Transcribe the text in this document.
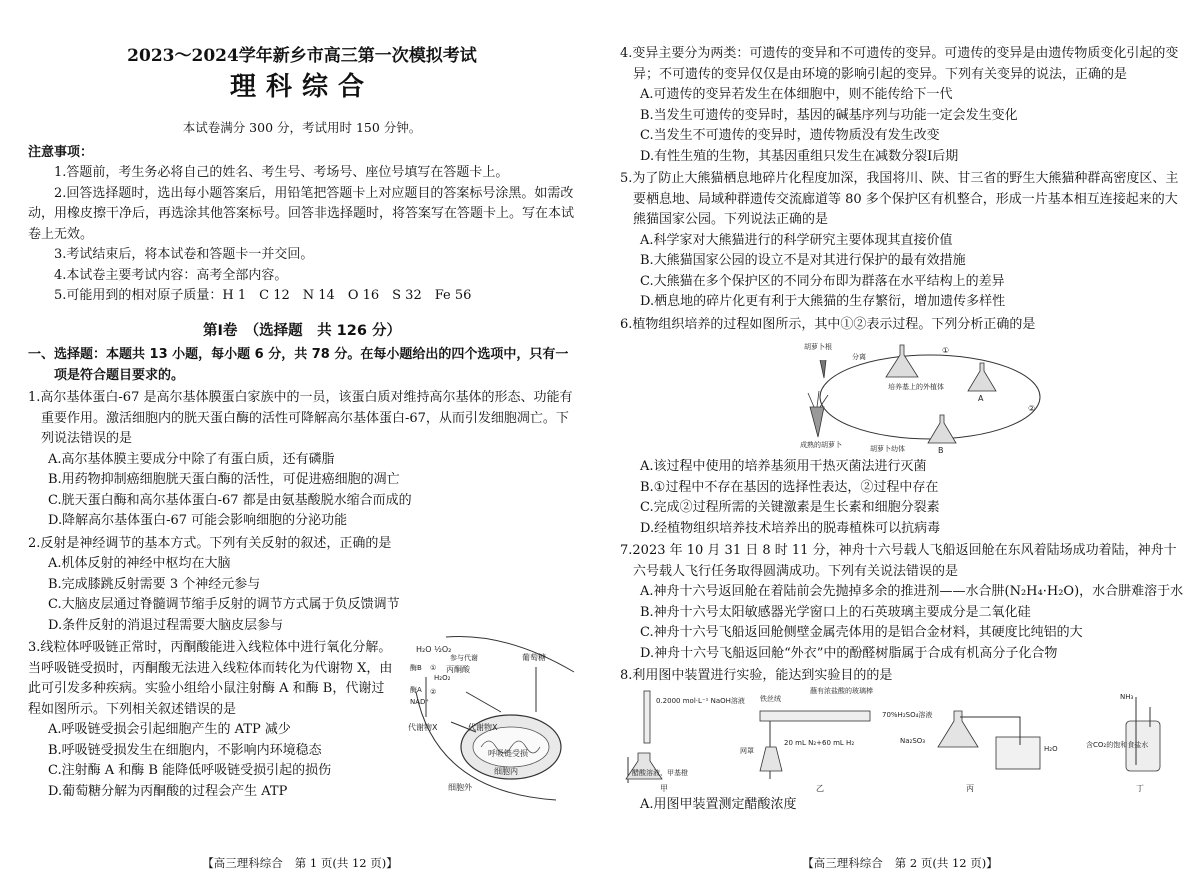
2023～2024学年新乡市高三第一次模拟考试
理科综合
本试卷满分 300 分，考试用时 150 分钟。
注意事项：

1.答题前，考生务必将自己的姓名、考生号、考场号、座位号填写在答题卡上。

2.回答选择题时，选出每小题答案后，用铅笔把答题卡上对应题目的答案标号涂黑。如需改动，用橡皮擦干净后，再选涂其他答案标号。回答非选择题时，将答案写在答题卡上。写在本试卷上无效。

3.考试结束后，将本试卷和答题卡一并交回。

4.本试卷主要考试内容：高考全部内容。

5.可能用到的相对原子质量：H 1　C 12　N 14　O 16　S 32　Fe 56

第Ⅰ卷　（选择题　共 126 分）

一、选择题：本题共 13 小题，每小题 6 分，共 78 分。在每小题给出的四个选项中，只有一项是符合题目要求的。

1.高尔基体蛋白-67 是高尔基体膜蛋白家族中的一员，该蛋白质对维持高尔基体的形态、功能有重要作用。激活细胞内的胱天蛋白酶的活性可降解高尔基体蛋白-67，从而引发细胞凋亡。下列说法错误的是

A.高尔基体膜主要成分中除了有蛋白质，还有磷脂

B.用药物抑制癌细胞胱天蛋白酶的活性，可促进癌细胞的凋亡

C.胱天蛋白酶和高尔基体蛋白-67 都是由氨基酸脱水缩合而成的

D.降解高尔基体蛋白-67 可能会影响细胞的分泌功能

2.反射是神经调节的基本方式。下列有关反射的叙述，正确的是

A.机体反射的神经中枢均在大脑

B.完成膝跳反射需要 3 个神经元参与

C.大脑皮层通过脊髓调节缩手反射的调节方式属于负反馈调节

D.条件反射的消退过程需要大脑皮层参与

3.线粒体呼吸链正常时，丙酮酸能进入线粒体中进行氧化分解。
当呼吸链受损时，丙酮酸无法进入线粒体而转化为代谢物 X，由
此可引发多种疾病。实验小组给小鼠注射酶 A 和酶 B，代谢过
程如图所示。下列相关叙述错误的是

A.呼吸链受损会引起细胞产生的 ATP 减少

B.呼吸链受损发生在细胞内，不影响内环境稳态

C.注射酶 A 和酶 B 能降低呼吸链受损引起的损伤

D.葡萄糖分解为丙酮酸的过程会产生 ATP

H₂O ½O₂
酶B
酶A
①
②
H₂O₂
NAD⁺
参与代谢
丙酮酸
葡萄糖
代谢物X	代谢物X
呼吸链受损
细胞内
细胞外
【高三理科综合 第 1 页(共 12 页)】

4.变异主要分为两类：可遗传的变异和不可遗传的变异。可遗传的变异是由遗传物质变化引起的变异；不可遗传的变异仅仅是由环境的影响引起的变异。下列有关变异的说法，正确的是

A.可遗传的变异若发生在体细胞中，则不能传给下一代

B.当发生可遗传的变异时，基因的碱基序列与功能一定会发生变化

C.当发生不可遗传的变异时，遗传物质没有发生改变

D.有性生殖的生物，其基因重组只发生在减数分裂Ⅰ后期

5.为了防止大熊猫栖息地碎片化程度加深，我国将川、陕、甘三省的野生大熊猫种群高密度区、主要栖息地、局域种群遗传交流廊道等 80 多个保护区有机整合，形成一片基本相互连接起来的大熊猫国家公园。下列说法正确的是

A.科学家对大熊猫进行的科学研究主要体现其直接价值

B.大熊猫国家公园的设立不是对其进行保护的最有效措施

C.大熊猫在多个保护区的不同分布即为群落在水平结构上的差异

D.栖息地的碎片化更有利于大熊猫的生存繁衍，增加遗传多样性

6.植物组织培养的过程如图所示，其中①②表示过程。下列分析正确的是

胡萝卜根
分离
培养基上的外植体
①
②
A
B
胡萝卜幼体
成熟的胡萝卜

A.该过程中使用的培养基须用干热灭菌法进行灭菌

B.①过程中不存在基因的选择性表达，②过程中存在

C.完成②过程所需的关键激素是生长素和细胞分裂素

D.经植物组织培养技术培养出的脱毒植株可以抗病毒

7.2023 年 10 月 31 日 8 时 11 分，神舟十六号载人飞船返回舱在东风着陆场成功着陆，神舟十六号载人飞行任务取得圆满成功。下列有关说法错误的是

A.神舟十六号返回舱在着陆前会先抛掉多余的推进剂——水合肼(N₂H₄·H₂O)，水合肼难溶于水

B.神舟十六号太阳敏感器光学窗口上的石英玻璃主要成分是二氧化硅

C.神舟十六号飞船返回舱侧壁金属壳体用的是铝合金材料，其硬度比纯铝的大

D.神舟十六号飞船返回舱“外衣”中的酚醛树脂属于合成有机高分子化合物

8.利用图中装置进行实验，能达到实验目的的是

0.2000 mol·L⁻¹ NaOH溶液
醋酸溶液、甲基橙
甲
铁丝绒
蘸有浓盐酸的玻璃棒
网罩
20 mL N₂+60 mL H₂
乙
70%H₂SO₄溶液
Na₂SO₃
H₂O
丙
NH₃
含CO₂的饱和食盐水
丁

A.用图甲装置测定醋酸浓度

【高三理科综合 第 2 页(共 12 页)】
